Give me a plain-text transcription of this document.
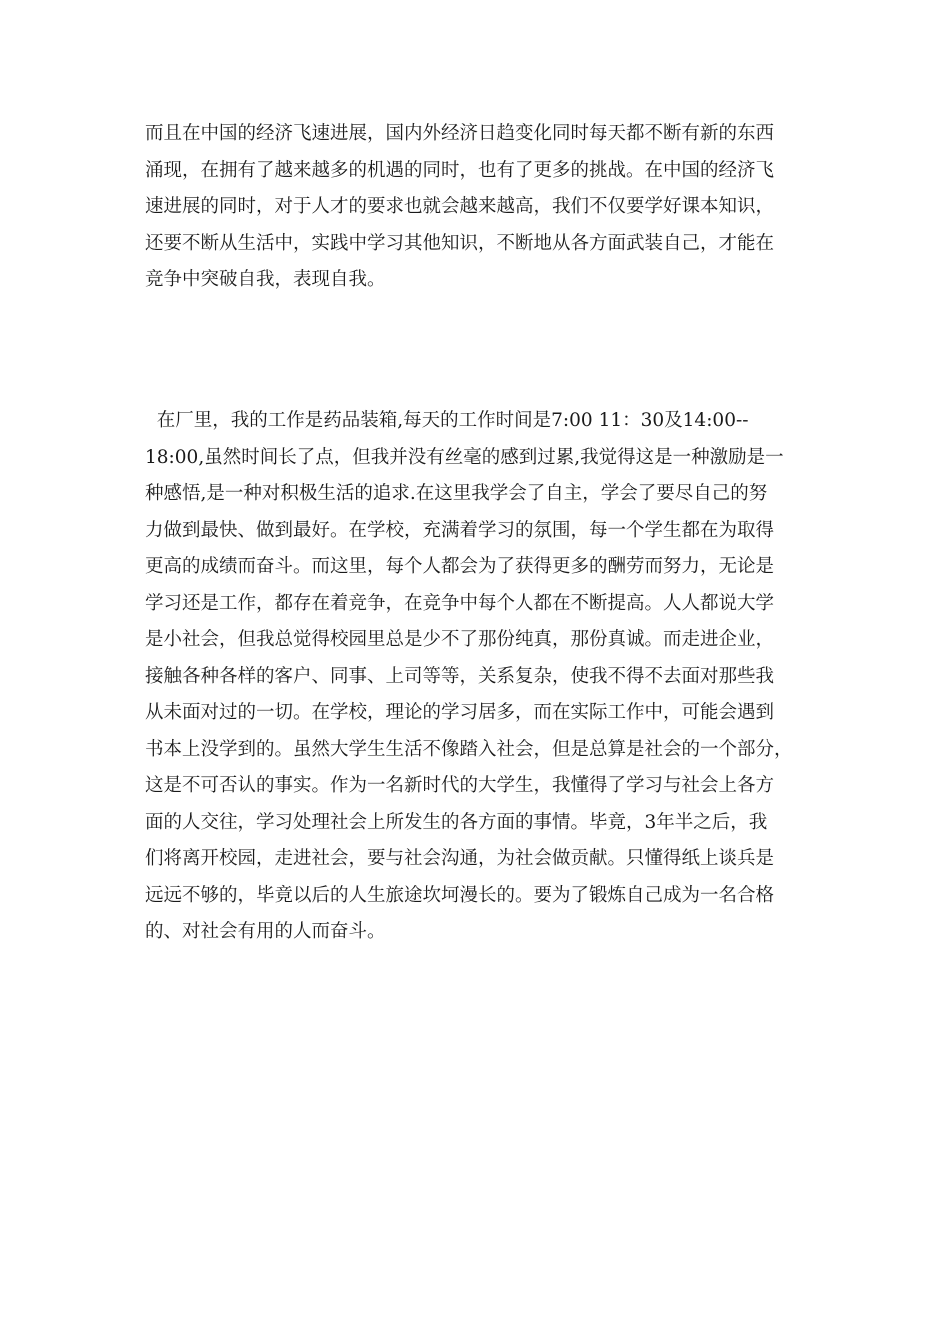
而且在中国的经济飞速进展，国内外经济日趋变化同时每天都不断有新的东西
涌现，在拥有了越来越多的机遇的同时，也有了更多的挑战。在中国的经济飞
速进展的同时，对于人才的要求也就会越来越高，我们不仅要学好课本知识，
还要不断从生活中，实践中学习其他知识，不断地从各方面武装自己，才能在
竞争中突破自我，表现自我。
在厂里，我的工作是药品装箱,每天的工作时间是7:00 11：30及14:00--
18:00,虽然时间长了点，但我并没有丝毫的感到过累,我觉得这是一种激励是一
种感悟,是一种对积极生活的追求.在这里我学会了自主，学会了要尽自己的努
力做到最快、做到最好。在学校，充满着学习的氛围，每一个学生都在为取得
更高的成绩而奋斗。而这里，每个人都会为了获得更多的酬劳而努力，无论是
学习还是工作，都存在着竞争，在竞争中每个人都在不断提高。人人都说大学
是小社会，但我总觉得校园里总是少不了那份纯真，那份真诚。而走进企业，
接触各种各样的客户、同事、上司等等，关系复杂，使我不得不去面对那些我
从未面对过的一切。在学校，理论的学习居多，而在实际工作中，可能会遇到
书本上没学到的。虽然大学生生活不像踏入社会，但是总算是社会的一个部分，
这是不可否认的事实。作为一名新时代的大学生，我懂得了学习与社会上各方
面的人交往，学习处理社会上所发生的各方面的事情。毕竟，3年半之后，我
们将离开校园，走进社会，要与社会沟通，为社会做贡献。只懂得纸上谈兵是
远远不够的，毕竟以后的人生旅途坎坷漫长的。要为了锻炼自己成为一名合格
的、对社会有用的人而奋斗。
